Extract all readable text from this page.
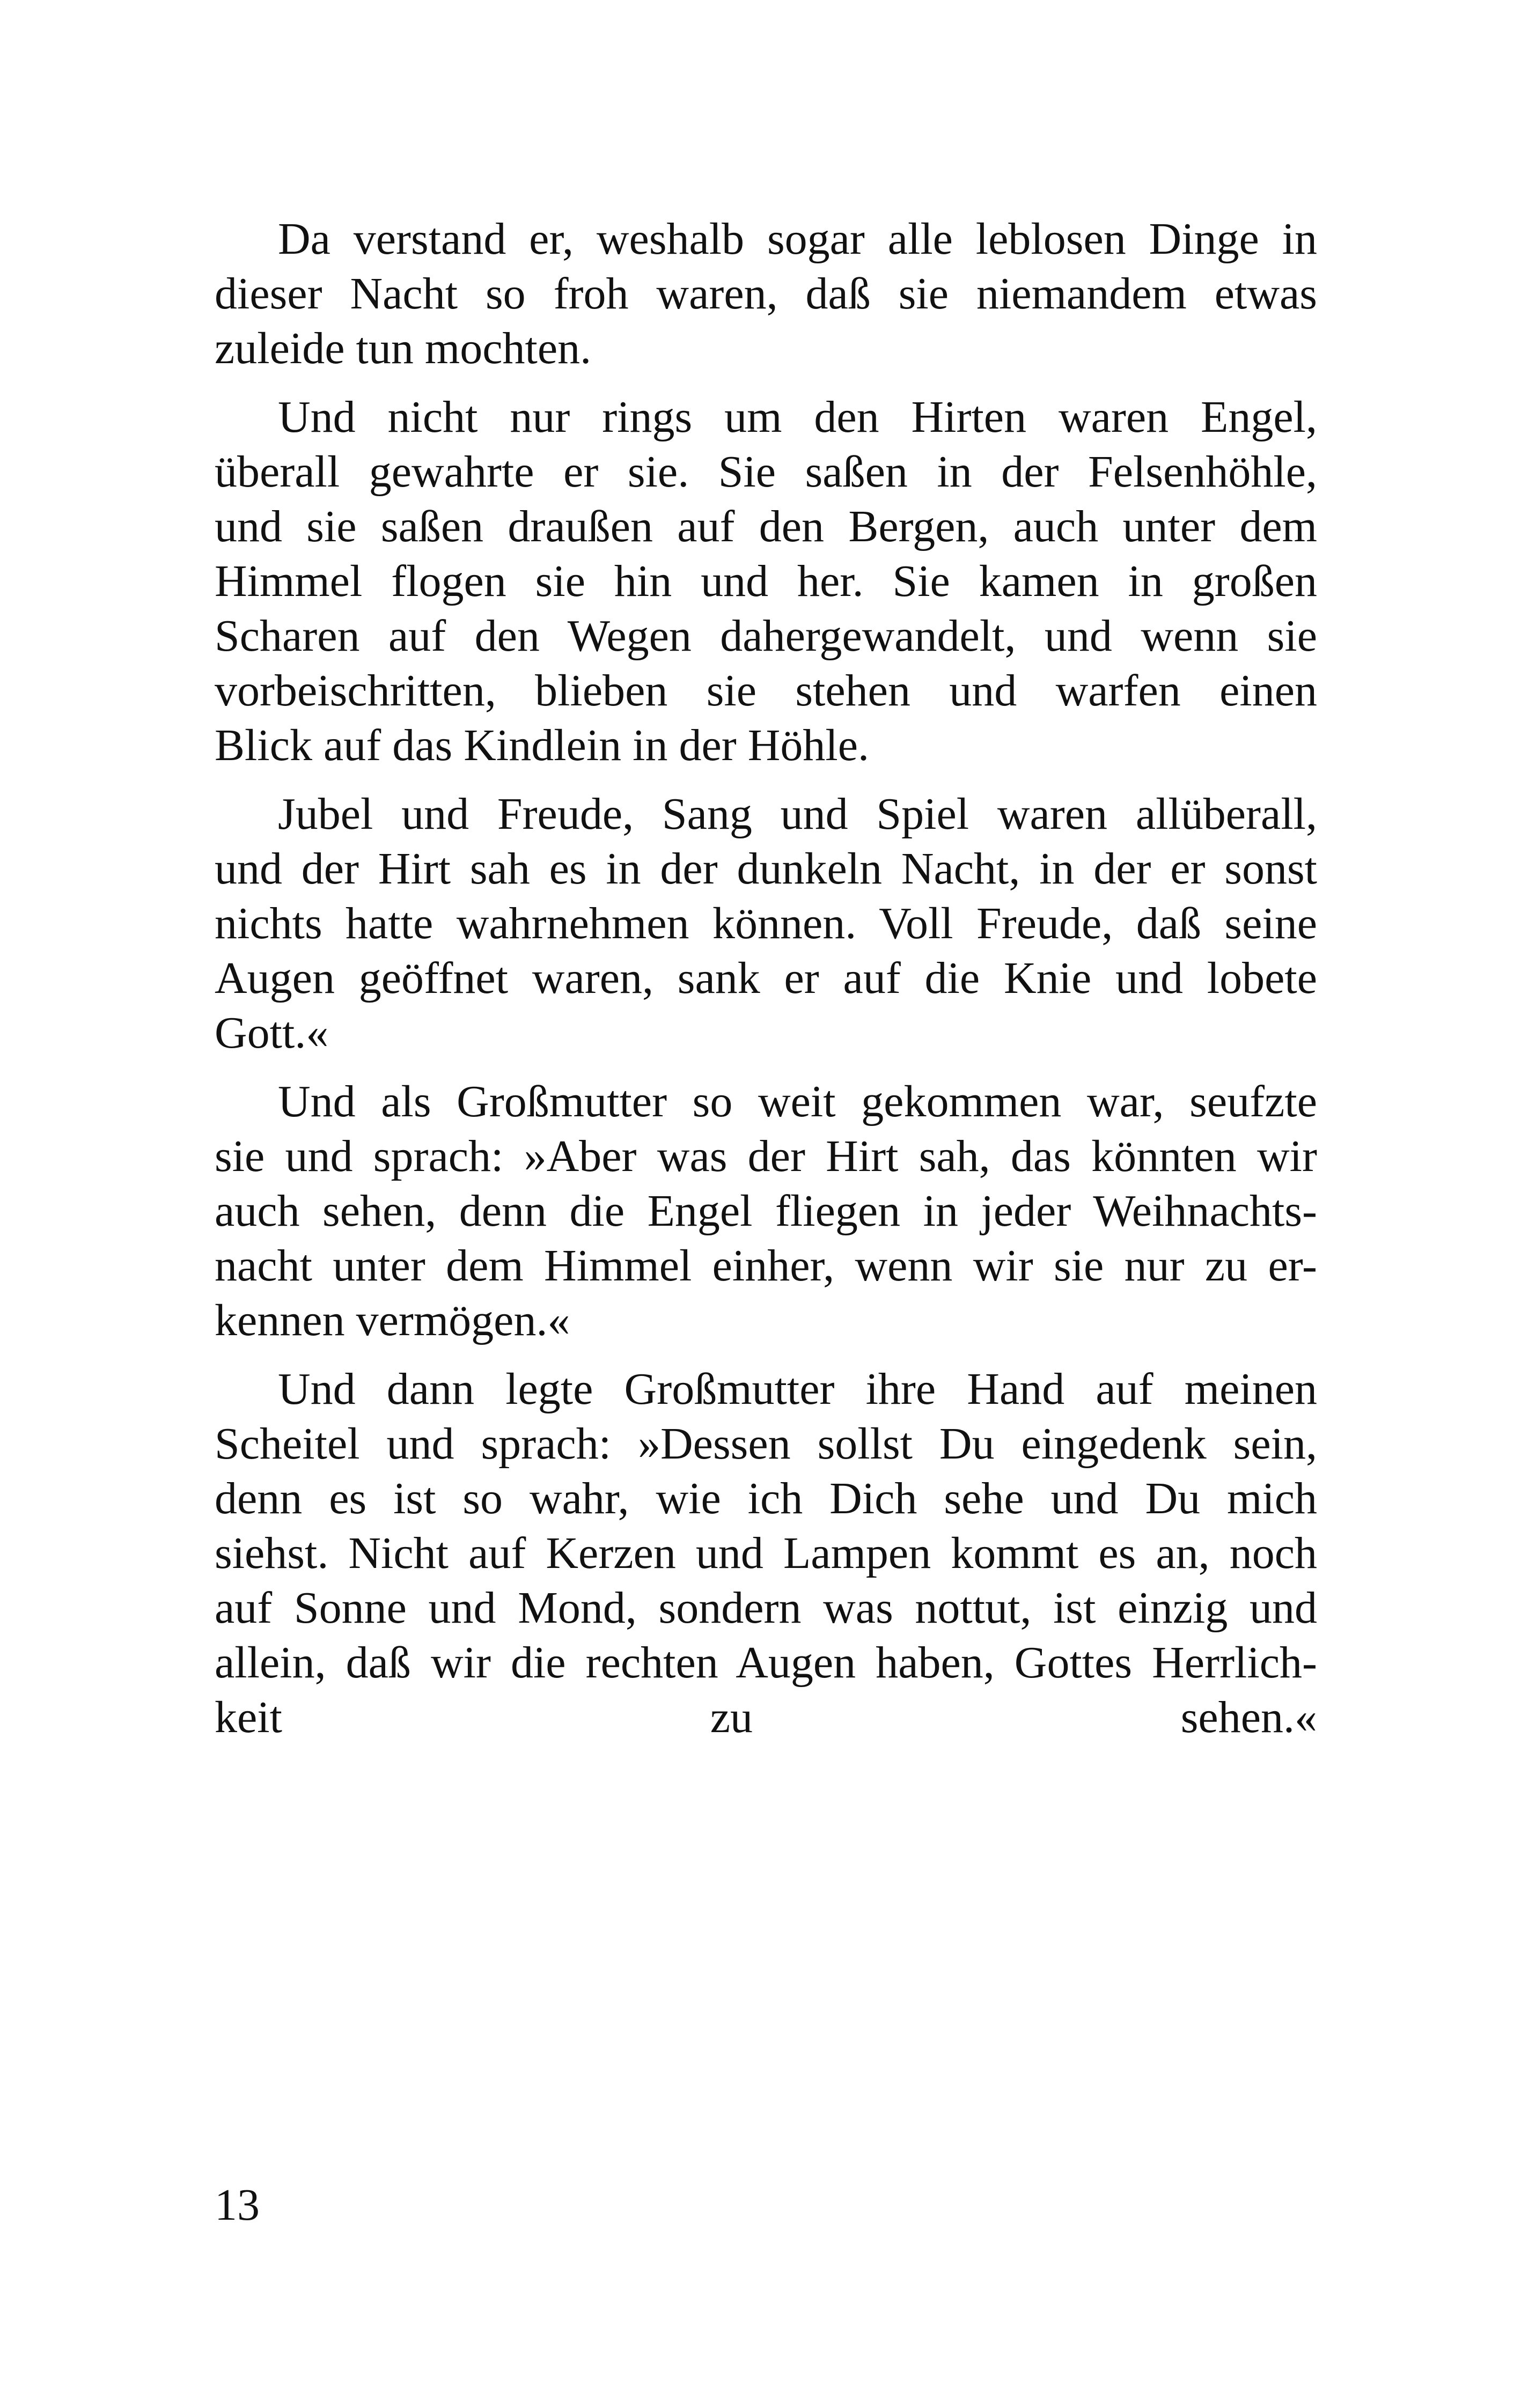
Da verstand er, weshalb sogar alle leblosen Dinge in
dieser Nacht so froh waren, daß sie niemandem etwas
zuleide tun mochten.
Und nicht nur rings um den Hirten waren Engel,
überall gewahrte er sie. Sie saßen in der Felsenhöhle,
und sie saßen draußen auf den Bergen, auch unter dem
Himmel flogen sie hin und her. Sie kamen in großen
Scharen auf den Wegen dahergewandelt, und wenn sie
vorbeischritten, blieben sie stehen und warfen einen
Blick auf das Kindlein in der Höhle.
Jubel und Freude, Sang und Spiel waren allüberall,
und der Hirt sah es in der dunkeln Nacht, in der er sonst
nichts hatte wahrnehmen können. Voll Freude, daß seine
Augen geöffnet waren, sank er auf die Knie und lobete
Gott.«
Und als Großmutter so weit gekommen war, seufzte
sie und sprach: »Aber was der Hirt sah, das könnten wir
auch sehen, denn die Engel fliegen in jeder Weihnachts-
nacht unter dem Himmel einher, wenn wir sie nur zu er-
kennen vermögen.«
Und dann legte Großmutter ihre Hand auf meinen
Scheitel und sprach: »Dessen sollst Du eingedenk sein,
denn es ist so wahr, wie ich Dich sehe und Du mich
siehst. Nicht auf Kerzen und Lampen kommt es an, noch
auf Sonne und Mond, sondern was nottut, ist einzig und
allein, daß wir die rechten Augen haben, Gottes Herrlich-
keit zu sehen.«
13
